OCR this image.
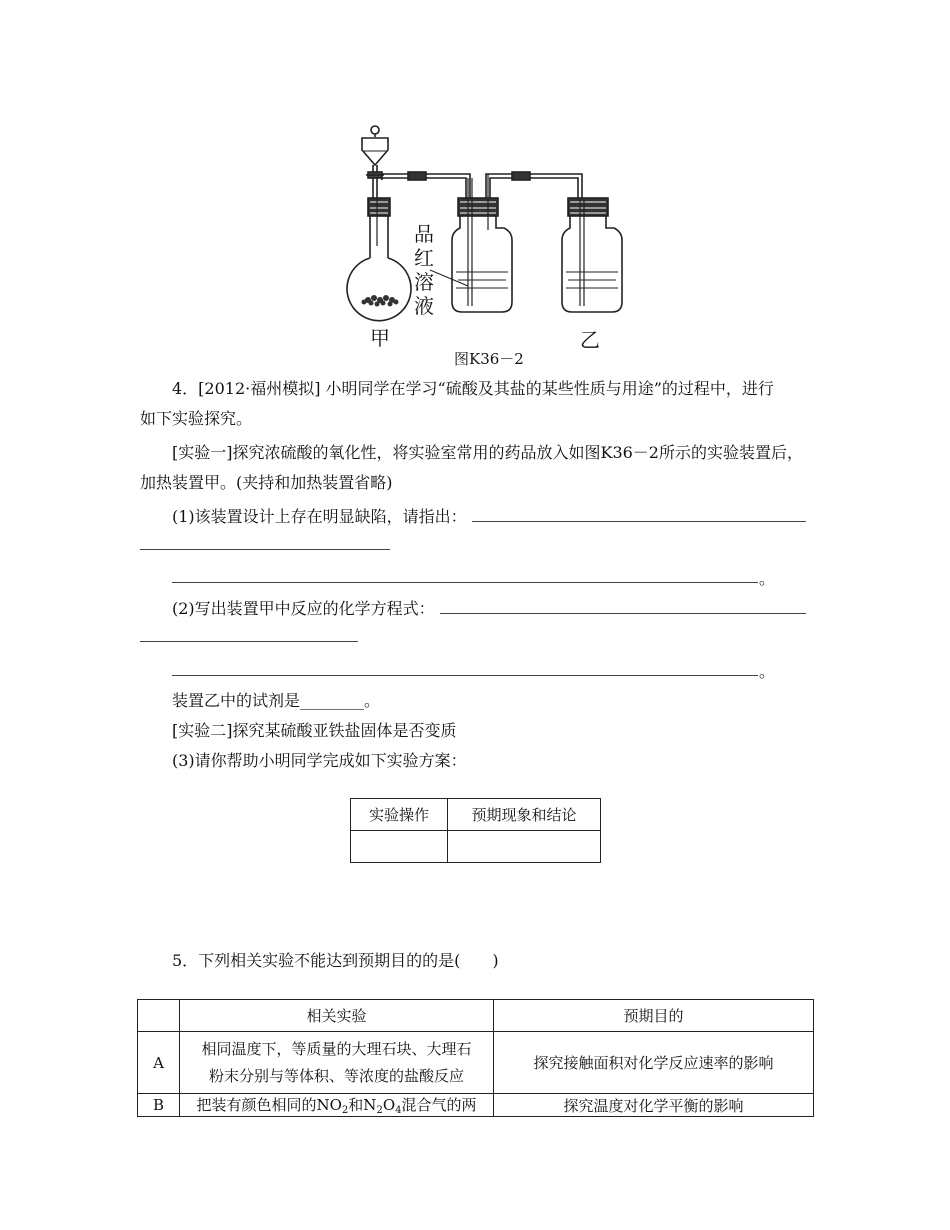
品
红
溶
液
甲	乙
图K36－2
4．[2012·福州模拟] 小明同学在学习“硫酸及其盐的某些性质与用途”的过程中，进行
如下实验探究。
[实验一]探究浓硫酸的氧化性，将实验室常用的药品放入如图K36－2所示的实验装置后，
加热装置甲。(夹持和加热装置省略)
(1)该装置设计上存在明显缺陷，请指出：
。
(2)写出装置甲中反应的化学方程式：
。
装置乙中的试剂是________。
[实验二]探究某硫酸亚铁盐固体是否变质
(3)请你帮助小明同学完成如下实验方案：
实验操作	预期现象和结论

5．下列相关实验不能达到预期目的的是(　　)
	相关实验	预期目的
A	相同温度下，等质量的大理石块、大理石
粉末分别与等体积、等浓度的盐酸反应	探究接触面积对化学反应速率的影响
B	把装有颜色相同的$NO_2$和$N_2O_4$混合气的两	探究温度对化学平衡的影响
